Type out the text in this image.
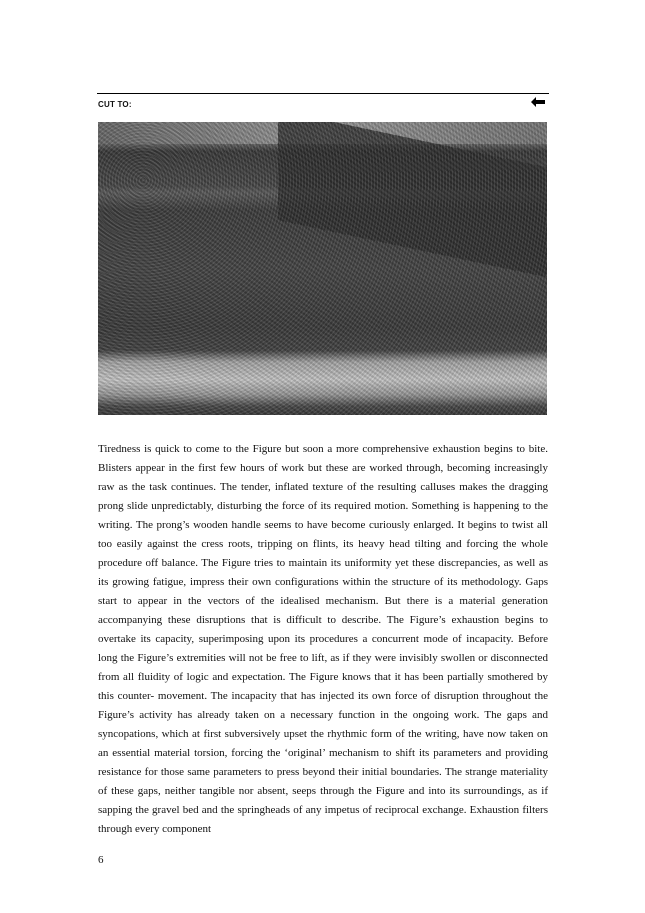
CUT TO:
Tiredness is quick to come to the Figure but soon a more comprehensive exhaustion begins to bite. Blisters appear in the first few hours of work but these are worked through, becoming increasingly raw as the task continues. The tender, inflated texture of the resulting calluses makes the dragging prong slide unpredictably, disturbing the force of its required motion. Something is happening to the writing. The prong’s wooden handle seems to have become curiously enlarged. It begins to twist all too easily against the cress roots, tripping on flints, its heavy head tilting and forcing the whole procedure off balance. The Figure tries to maintain its uniformity yet these discrepancies, as well as its growing fatigue, impress their own configurations within the structure of its methodology. Gaps start to appear in the vectors of the idealised mechanism. But there is a material generation accompanying these disruptions that is difficult to describe. The Figure’s exhaustion begins to overtake its capacity, superimposing upon its procedures a concurrent mode of incapacity. Before long the Figure’s extremities will not be free to lift, as if they were invisibly swollen or disconnected from all fluidity of logic and expectation. The Figure knows that it has been partially smothered by this counter- movement. The incapacity that has injected its own force of disruption throughout the Figure’s activity has already taken on a necessary function in the ongoing work. The gaps and syncopations, which at first subversively upset the rhythmic form of the writing, have now taken on an essential material torsion, forcing the ‘original’ mechanism to shift its parameters and providing resistance for those same parameters to press beyond their initial boundaries. The strange materiality of these gaps, neither tangible nor absent, seeps through the Figure and into its surroundings, as if sapping the gravel bed and the springheads of any impetus of reciprocal exchange. Exhaustion filters through every component
6
